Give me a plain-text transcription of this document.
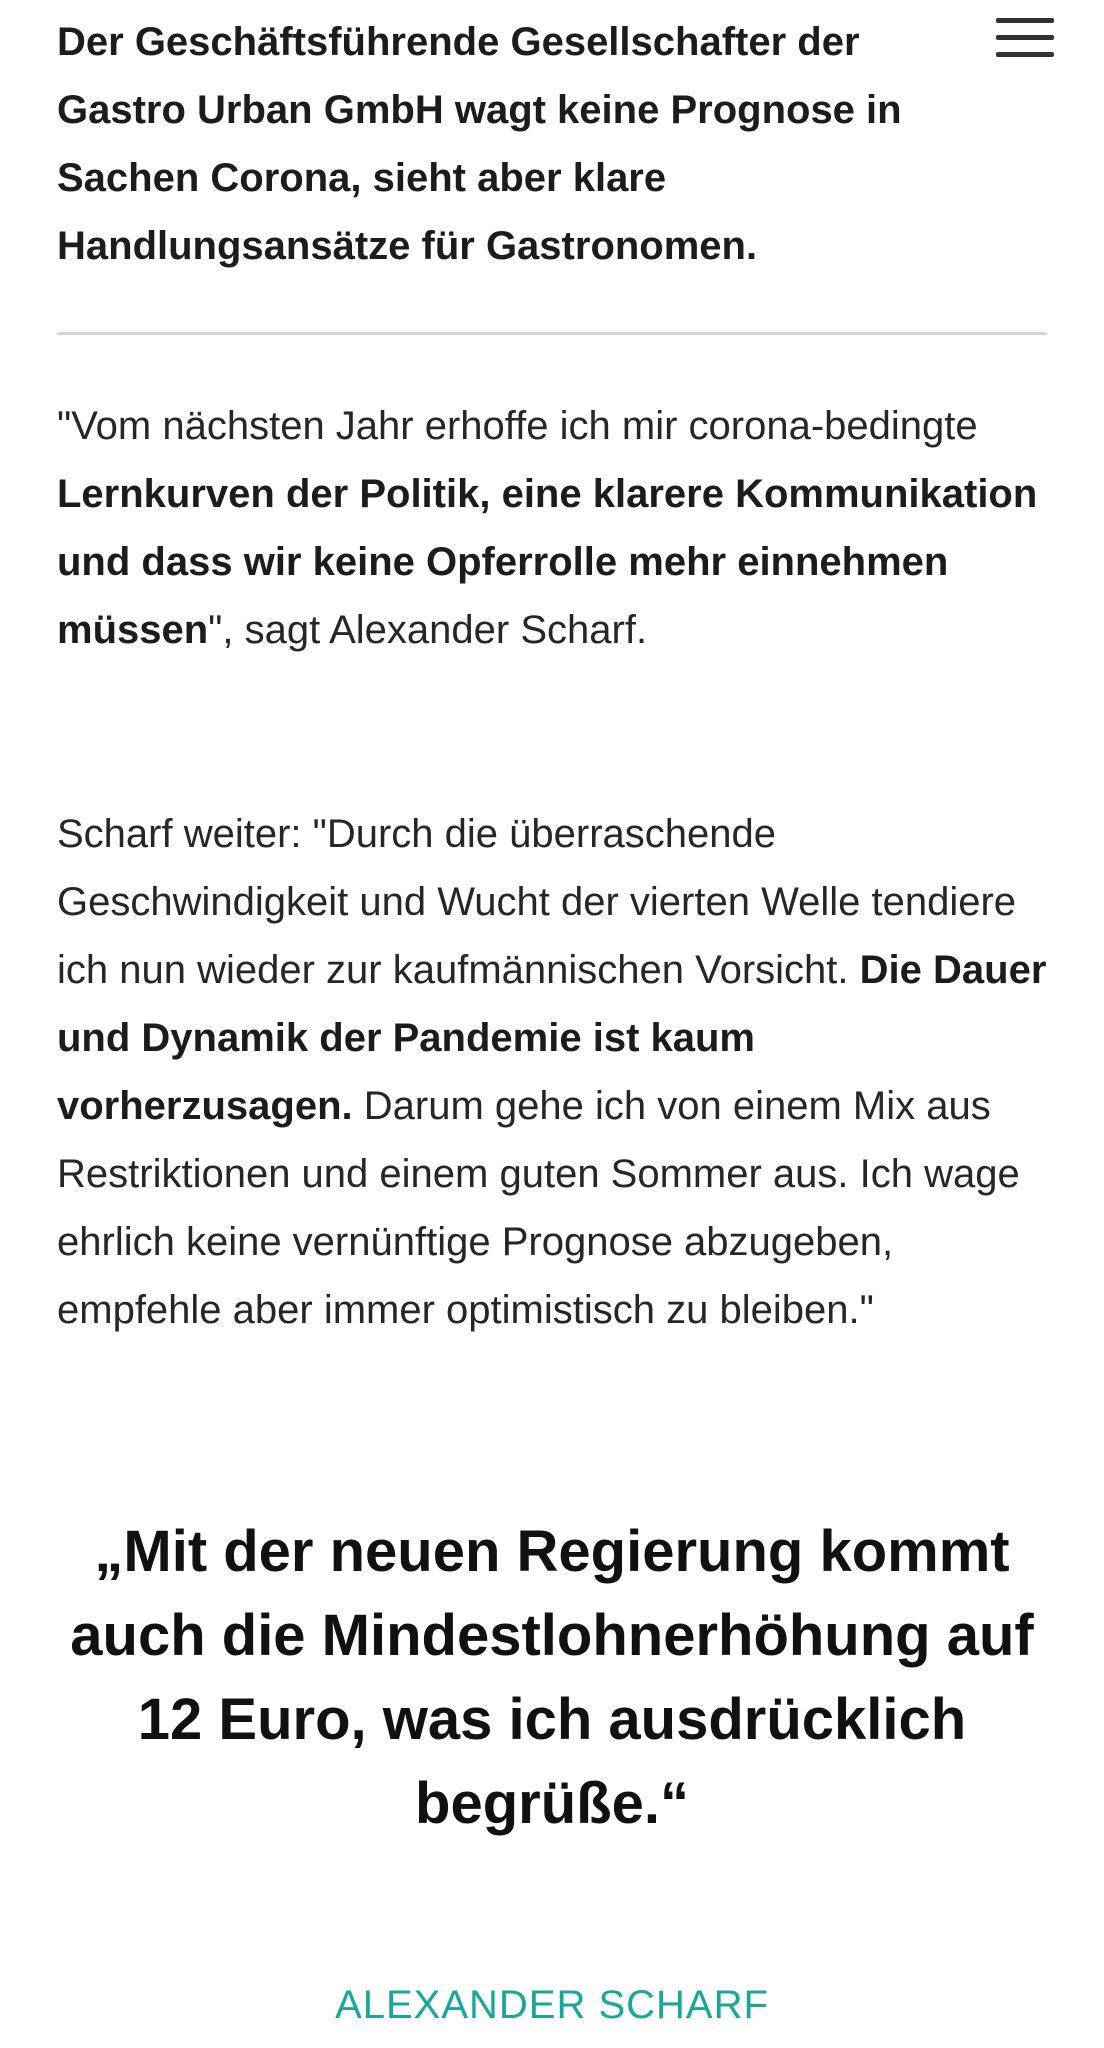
Der Geschäftsführende Gesellschafter der Gastro Urban GmbH wagt keine Prognose in Sachen Corona, sieht aber klare Handlungsansätze für Gastronomen.
"Vom nächsten Jahr erhoffe ich mir corona-bedingte Lernkurven der Politik, eine klarere Kommunikation und dass wir keine Opferrolle mehr einnehmen müssen", sagt Alexander Scharf.
Scharf weiter: "Durch die überraschende Geschwindigkeit und Wucht der vierten Welle tendiere ich nun wieder zur kaufmännischen Vorsicht. Die Dauer und Dynamik der Pandemie ist kaum vorherzusagen. Darum gehe ich von einem Mix aus Restriktionen und einem guten Sommer aus. Ich wage ehrlich keine vernünftige Prognose abzugeben, empfehle aber immer optimistisch zu bleiben."
„Mit der neuen Regierung kommt auch die Mindestlohnerhöhung auf 12 Euro, was ich ausdrücklich begrüße.“
ALEXANDER SCHARF
